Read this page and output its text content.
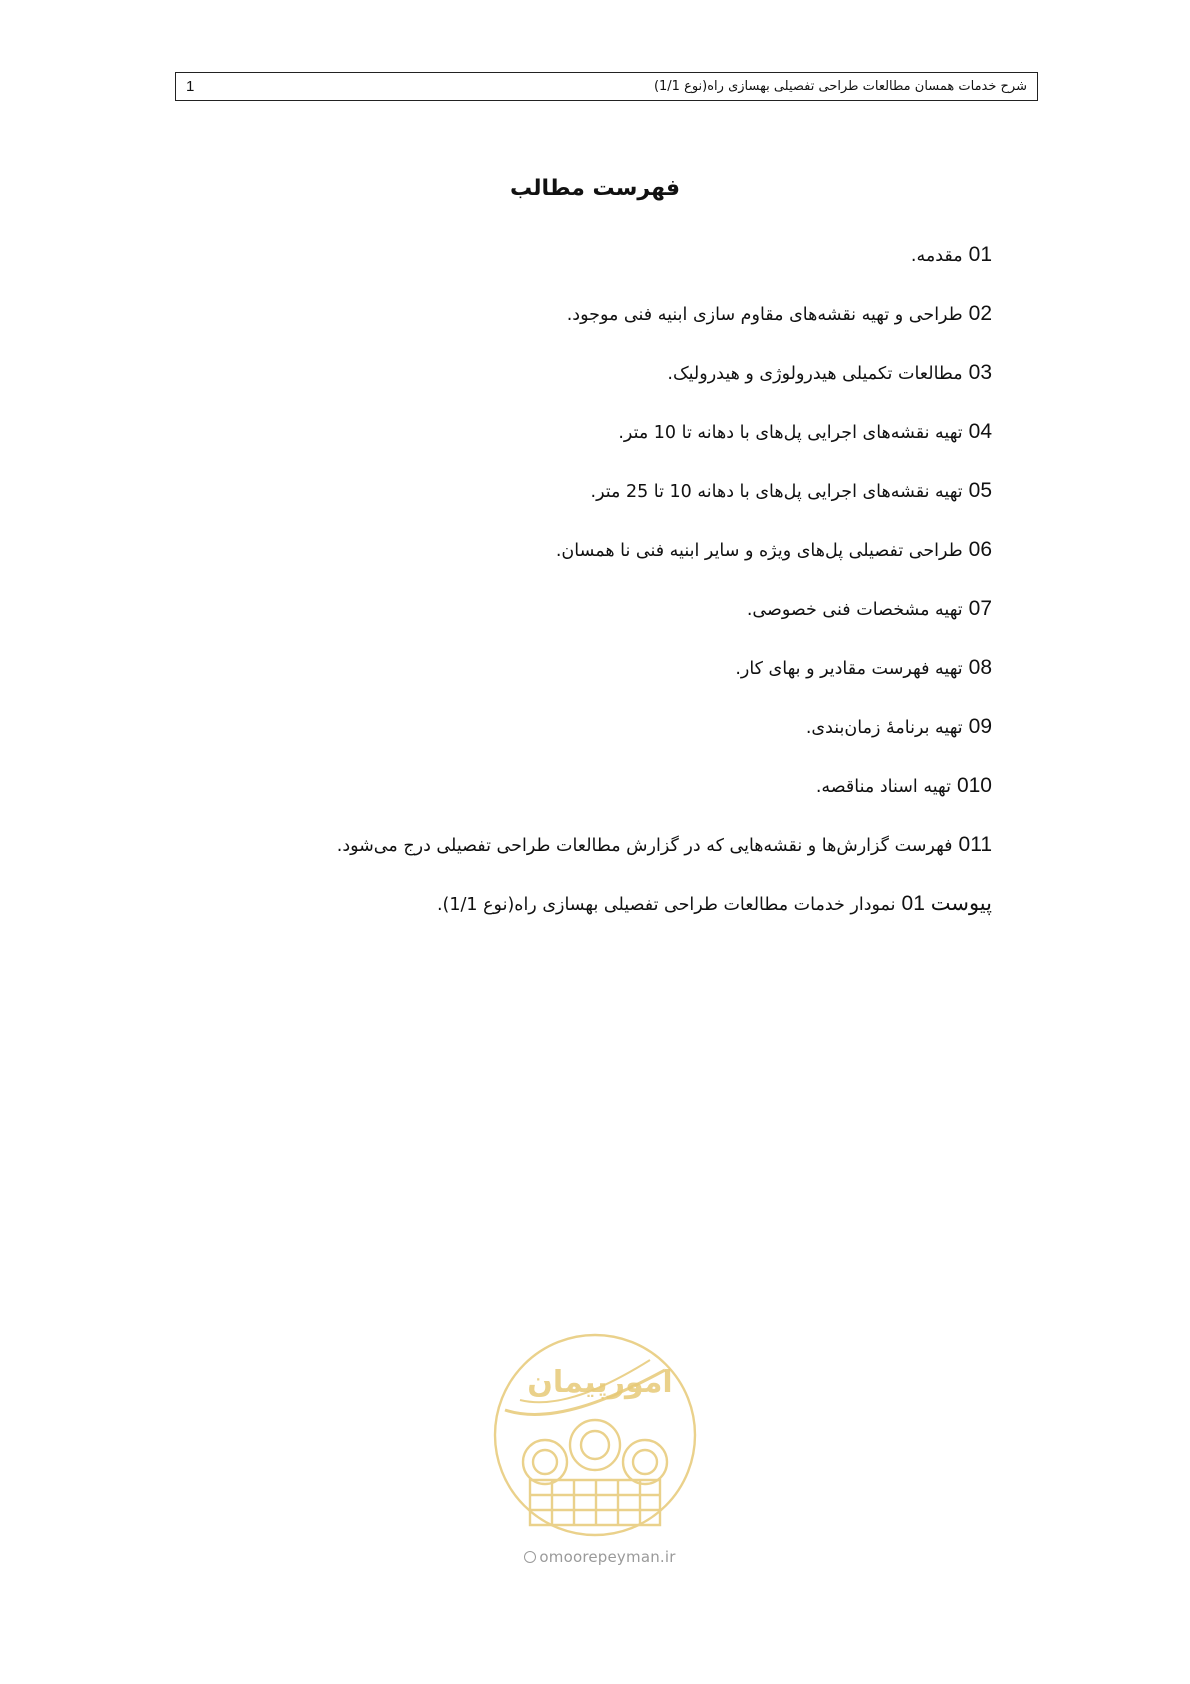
1	شرح خدمات همسان مطالعات طراحی تفصیلی بهسازی راه(نوع 1/1)
فهرست مطالب
01مقدمه.
02طراحی و تهیه نقشه‌های مقاوم سازی ابنیه فنی موجود.
03مطالعات تکمیلی هیدرولوژی و هیدرولیک.
04تهیه نقشه‌های اجرایی پل‌های با دهانه تا 10 متر.
05تهیه نقشه‌های اجرایی پل‌های با دهانه 10 تا 25 متر.
06طراحی تفصیلی پل‌های ویژه و سایر ابنیه فنی نا همسان.
07تهیه مشخصات فنی خصوصی.
08تهیه فهرست مقادیر و بهای کار.
09تهیه برنامۀ زمان‌بندی.
010تهیه اسناد مناقصه.
011فهرست گزارش‌ها و نقشه‌هایی که در گزارش مطالعات طراحی تفصیلی درج می‌شود.
پیوست 01نمودار خدمات مطالعات طراحی تفصیلی بهسازی راه(نوع 1/1).
امورپیمان
omoorepeyman.ir
